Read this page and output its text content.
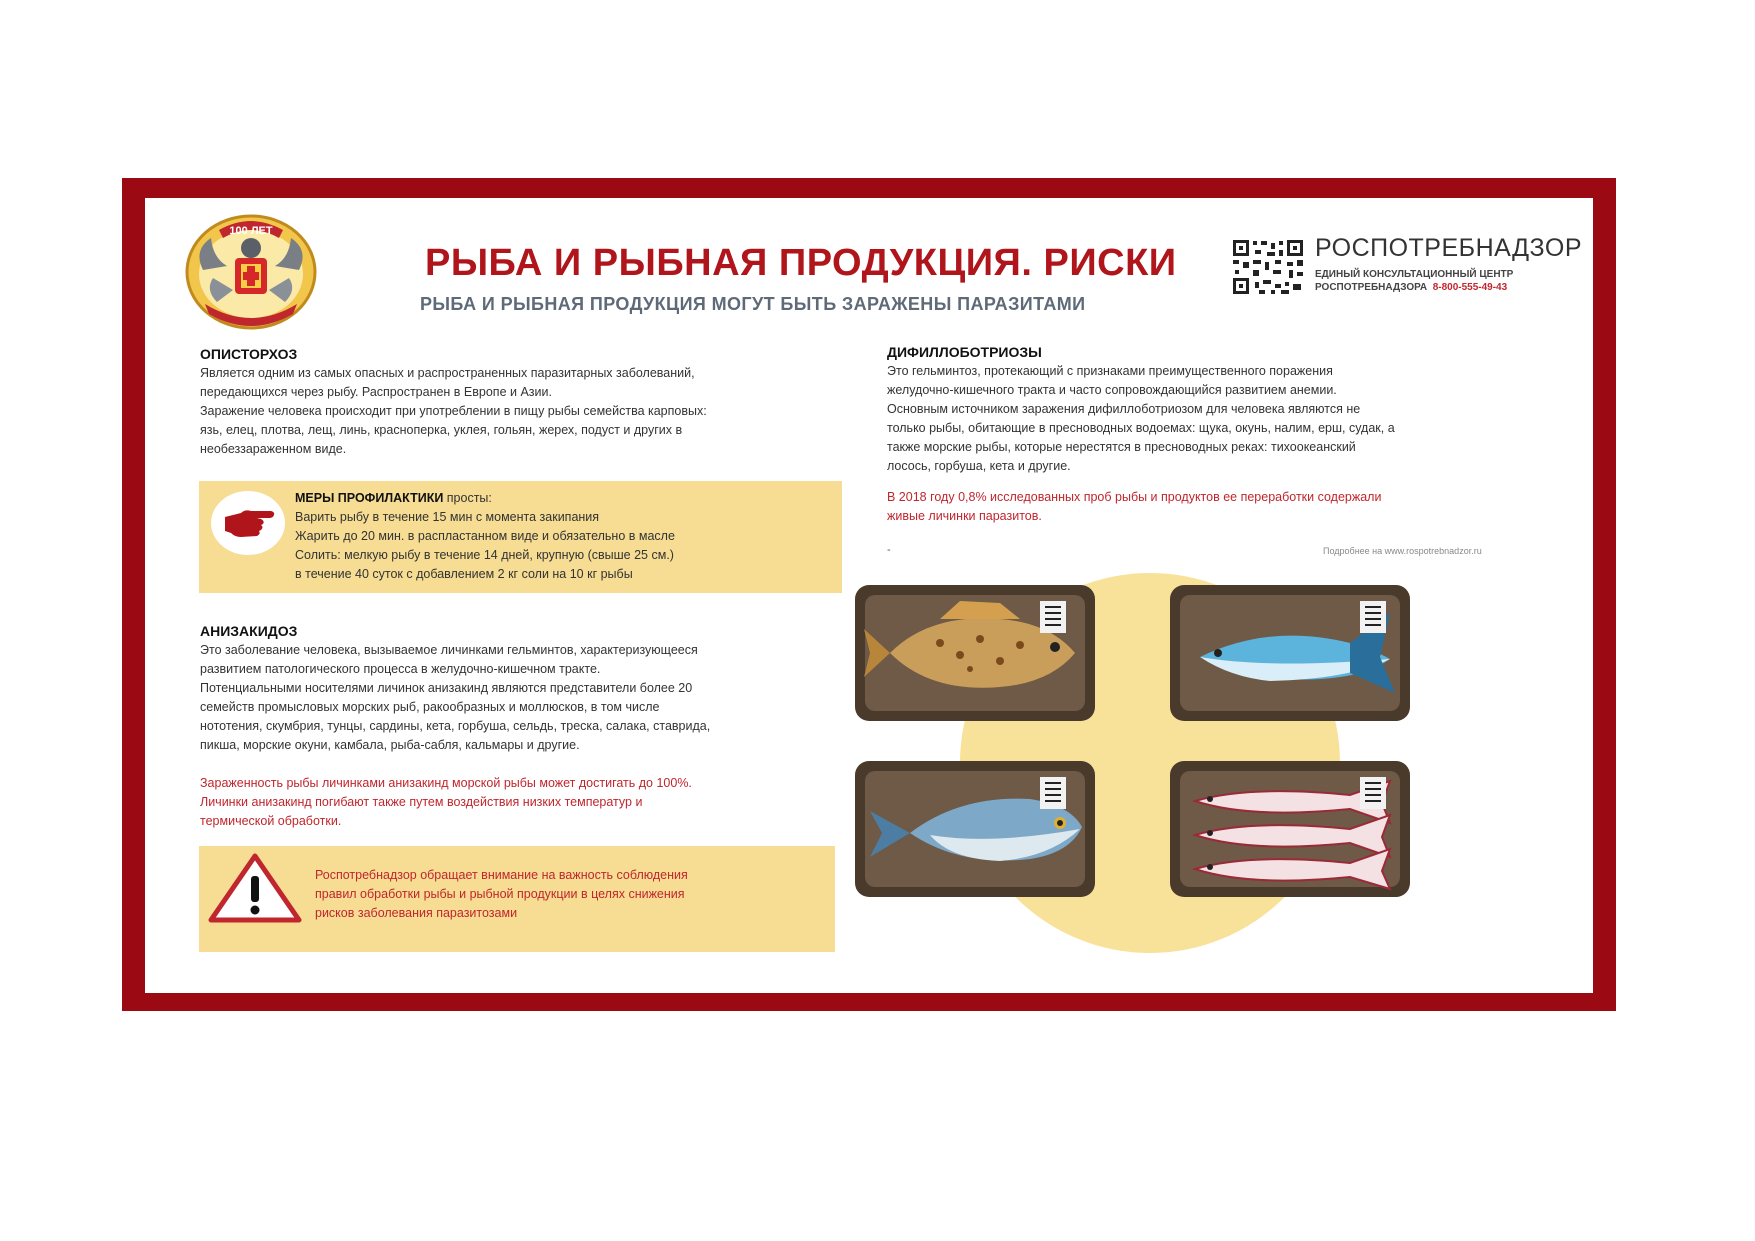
100 ЛЕТ
РЫБА И РЫБНАЯ ПРОДУКЦИЯ. РИСКИ
РЫБА И РЫБНАЯ ПРОДУКЦИЯ МОГУТ БЫТЬ ЗАРАЖЕНЫ ПАРАЗИТАМИ
РОСПОТРЕБНАДЗОР
ЕДИНЫЙ КОНСУЛЬТАЦИОННЫЙ ЦЕНТР
РОСПОТРЕБНАДЗОРА 8-800-555-49-43
ОПИСТОРХОЗ
Является одним из самых опасных и распространенных паразитарных заболеваний,
передающихся через рыбу. Распространен в Европе и Азии.
Заражение человека происходит при употреблении в пищу рыбы семейства карповых:
язь, елец, плотва, лещ, линь, красноперка, уклея, гольян, жерех, подуст и других в
необеззараженном виде.
МЕРЫ ПРОФИЛАКТИКИ просты:
Варить рыбу в течение 15 мин с момента закипания
Жарить до 20 мин. в распластанном виде и обязательно в масле
Солить: мелкую рыбу в течение 14 дней, крупную (свыше 25 см.)
в течение 40 суток с добавлением 2 кг соли на 10 кг рыбы
АНИЗАКИДОЗ
Это заболевание человека, вызываемое личинками гельминтов, характеризующееся
развитием патологического процесса в желудочно-кишечном тракте.
Потенциальными носителями личинок анизакинд являются представители более 20
семейств промысловых морских рыб, ракообразных и моллюсков, в том числе
нототения, скумбрия, тунцы, сардины, кета, горбуша, сельдь, треска, салака, ставрида,
пикша, морские окуни, камбала, рыба-сабля, кальмары и другие.
Зараженность рыбы личинками анизакинд морской рыбы может достигать до 100%.
Личинки анизакинд погибают также путем воздействия низких температур и
термической обработки.
Роспотребнадзор обращает внимание на важность соблюдения
правил обработки рыбы и рыбной продукции в целях снижения
рисков заболевания паразитозами
ДИФИЛЛОБОТРИОЗЫ
Это гельминтоз, протекающий с признаками преимущественного поражения
желудочно-кишечного тракта и часто сопровождающийся развитием анемии.
Основным источником заражения дифиллоботриозом для человека являются не
только рыбы, обитающие в пресноводных водоемах: щука, окунь, налим, ерш, судак, а
также морские рыбы, которые нерестятся в пресноводных реках: тихоокеанский
лосось, горбуша, кета и другие.
В 2018 году 0,8% исследованных проб рыбы и продуктов ее переработки содержали
живые личинки паразитов.
-	Подробнее на www.rospotrebnadzor.ru
